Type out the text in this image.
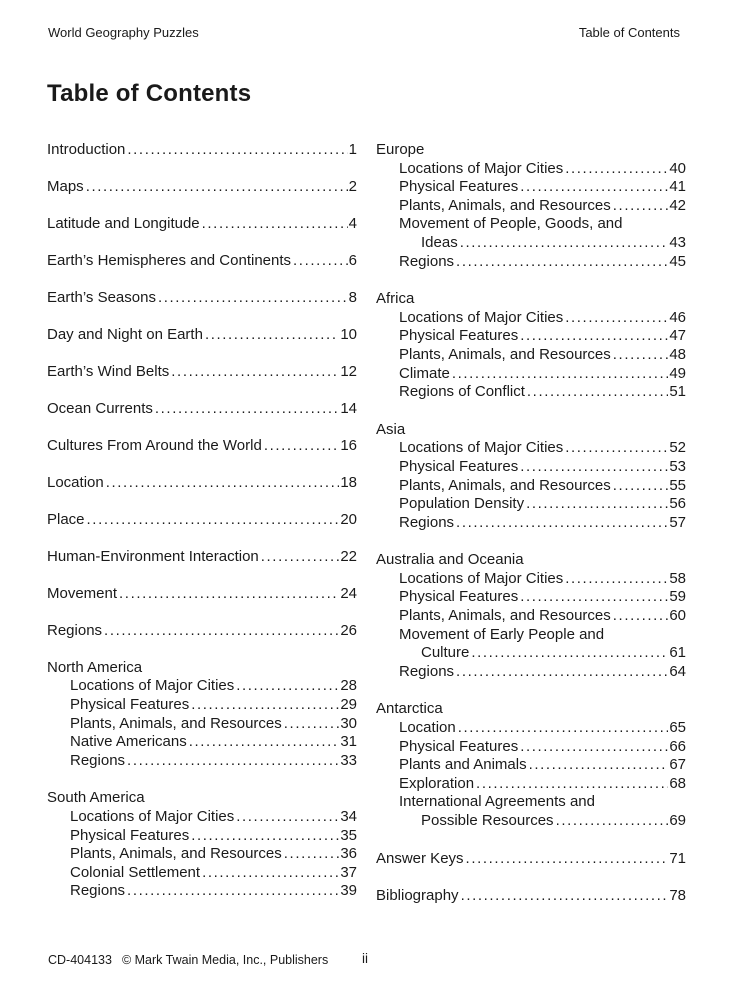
World Geography Puzzles	Table of Contents
Table of Contents
Introduction .....	1
Maps .....	2
Latitude and Longitude .....	4
Earth’s Hemispheres and Continents .....	6
Earth’s Seasons .....	8
Day and Night on Earth .....	10
Earth’s Wind Belts .....	12
Ocean Currents .....	14
Cultures From Around the World .....	16
Location .....	18
Place .....	20
Human-Environment Interaction .....	22
Movement .....	24
Regions .....	26
North America
Locations of Major Cities .....	28
Physical Features .....	29
Plants, Animals, and Resources .....	30
Native Americans .....	31
Regions .....	33
South America
Locations of Major Cities .....	34
Physical Features .....	35
Plants, Animals, and Resources .....	36
Colonial Settlement .....	37
Regions .....	39
Europe
Locations of Major Cities .....	40
Physical Features .....	41
Plants, Animals, and Resources .....	42
Movement of People, Goods, and
Ideas .....	43
Regions .....	45
Africa
Locations of Major Cities .....	46
Physical Features .....	47
Plants, Animals, and Resources .....	48
Climate .....	49
Regions of Conflict .....	51
Asia
Locations of Major Cities .....	52
Physical Features .....	53
Plants, Animals, and Resources .....	55
Population Density .....	56
Regions .....	57
Australia and Oceania
Locations of Major Cities .....	58
Physical Features .....	59
Plants, Animals, and Resources .....	60
Movement of Early People and
Culture .....	61
Regions .....	64
Antarctica
Location .....	65
Physical Features .....	66
Plants and Animals .....	67
Exploration .....	68
International Agreements and
Possible Resources .....	69
Answer Keys .....	71
Bibliography .....	78
CD-404133 © Mark Twain Media, Inc., Publishers	ii
